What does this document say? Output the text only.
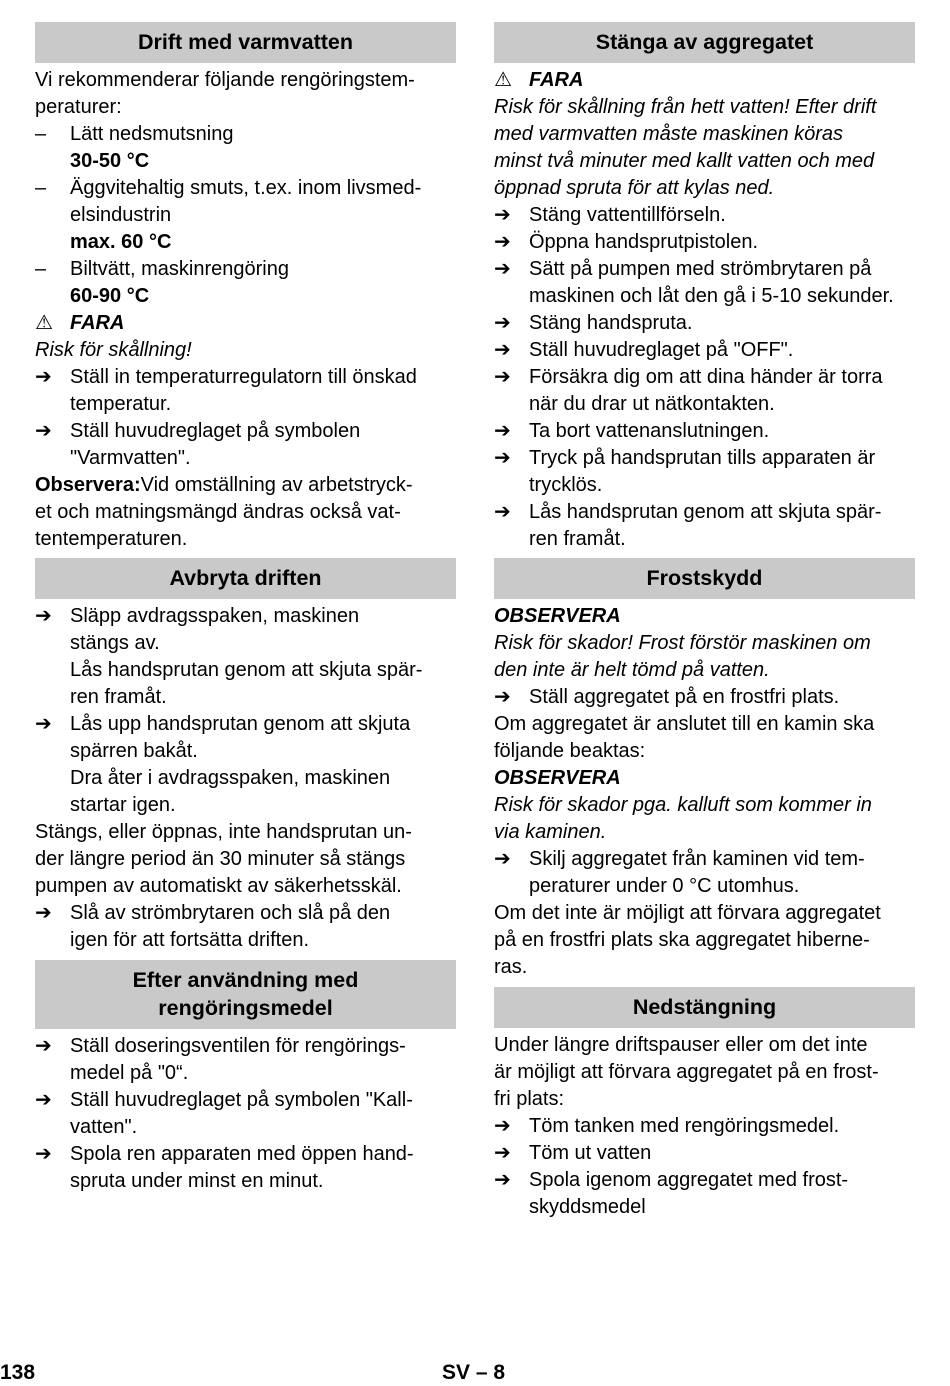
Drift med varmvatten

Vi rekommenderar följande rengöringstem-

peraturer:

–	Lätt nedsmutsning
30-50 °C
–	Äggvitehaltig smuts, t.ex. inom livsmed-
elsindustrin
max. 60 °C
–	Biltvätt, maskinrengöring
60-90 °C
⚠ FARA
Risk för skållning!
➔ Ställ in temperaturregulatorn till önskad
temperatur.
➔ Ställ huvudreglaget på symbolen
"Varmvatten".

Observera:Vid omställning av arbetstryck-
et och matningsmängd ändras också vat-
tentemperaturen.

Avbryta driften
➔ Släpp avdragsspaken, maskinen
stängs av.
Lås handsprutan genom att skjuta spär-
ren framåt.
➔ Lås upp handsprutan genom att skjuta
spärren bakåt.
Dra åter i avdragsspaken, maskinen
startar igen.

Stängs, eller öppnas, inte handsprutan un-
der längre period än 30 minuter så stängs
pumpen av automatiskt av säkerhetsskäl.

➔ Slå av strömbrytaren och slå på den
igen för att fortsätta driften.
Efter användning med
rengöringsmedel
➔ Ställ doseringsventilen för rengörings-
medel på "0“.
➔ Ställ huvudreglaget på symbolen "Kall-
vatten".
➔ Spola ren apparaten med öppen hand-
spruta under minst en minut.
Stänga av aggregatet
⚠ FARA

Risk för skållning från hett vatten! Efter drift
med varmvatten måste maskinen köras
minst två minuter med kallt vatten och med
öppnad spruta för att kylas ned.

➔ Stäng vattentillförseln.
➔ Öppna handsprutpistolen.
➔ Sätt på pumpen med strömbrytaren på
maskinen och låt den gå i 5-10 sekunder.
➔ Stäng handspruta.
➔ Ställ huvudreglaget på "OFF".
➔ Försäkra dig om att dina händer är torra
när du drar ut nätkontakten.
➔ Ta bort vattenanslutningen.
➔ Tryck på handsprutan tills apparaten är
trycklös.
➔ Lås handsprutan genom att skjuta spär-
ren framåt.
Frostskydd
OBSERVERA

Risk för skador! Frost förstör maskinen om
den inte är helt tömd på vatten.

➔ Ställ aggregatet på en frostfri plats.

Om aggregatet är anslutet till en kamin ska
följande beaktas:

OBSERVERA

Risk för skador pga. kalluft som kommer in
via kaminen.

➔ Skilj aggregatet från kaminen vid tem-
peraturer under 0 °C utomhus.

Om det inte är möjligt att förvara aggregatet
på en frostfri plats ska aggregatet hiberne-
ras.

Nedstängning

Under längre driftspauser eller om det inte
är möjligt att förvara aggregatet på en frost-
fri plats:

➔ Töm tanken med rengöringsmedel.
➔ Töm ut vatten
➔ Spola igenom aggregatet med frost-
skyddsmedel
138	SV – 8
